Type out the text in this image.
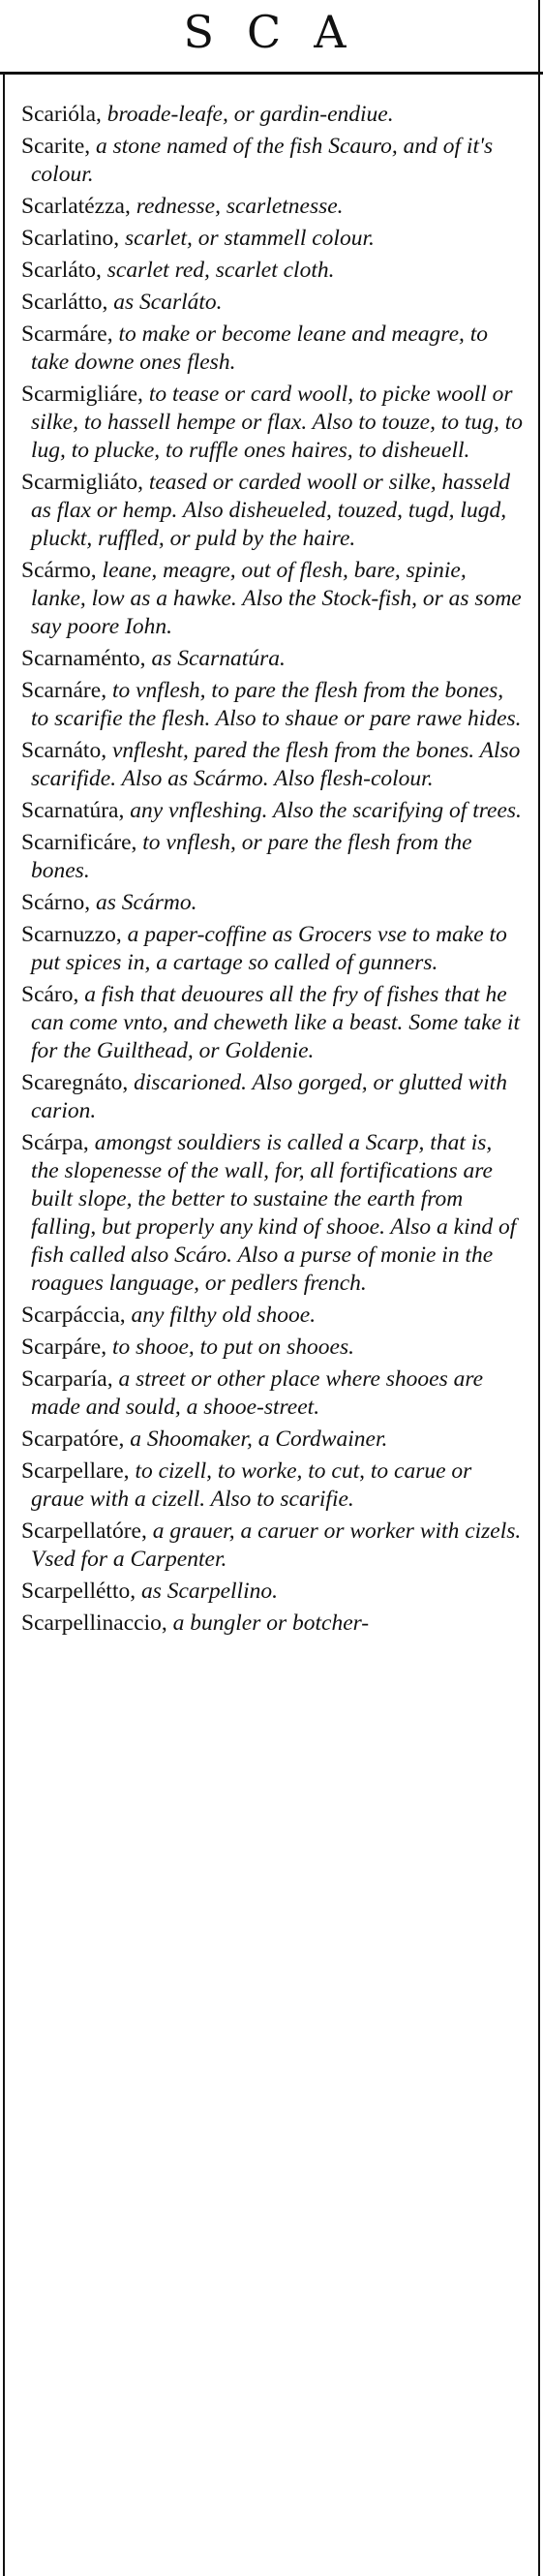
SCA

Scarióla, broade-leafe, or gardin-endiue.

Scarite, a stone named of the fish Scauro, and of it's colour.

Scarlatézza, rednesse, scarletnesse.

Scarlatino, scarlet, or stammell colour.

Scarláto, scarlet red, scarlet cloth.

Scarlátto, as Scarláto.

Scarmáre, to make or become leane and meagre, to take downe ones flesh.

Scarmigliáre, to tease or card wooll, to picke wooll or silke, to hassell hempe or flax. Also to touze, to tug, to lug, to plucke, to ruffle ones haires, to disheuell.

Scarmigliáto, teased or carded wooll or silke, hasseld as flax or hemp. Also disheueled, touzed, tugd, lugd, pluckt, ruffled, or puld by the haire.

Scármo, leane, meagre, out of flesh, bare, spinie, lanke, low as a hawke. Also the Stock-fish, or as some say poore Iohn.

Scarnaménto, as Scarnatúra.

Scarnáre, to vnflesh, to pare the flesh from the bones, to scarifie the flesh. Also to shaue or pare rawe hides.

Scarnáto, vnflesht, pared the flesh from the bones. Also scarifide. Also as Scármo. Also flesh-colour.

Scarnatúra, any vnfleshing. Also the scarifying of trees.

Scarnificáre, to vnflesh, or pare the flesh from the bones.

Scárno, as Scármo.

Scarnuzzo, a paper-coffine as Grocers vse to make to put spices in, a cartage so called of gunners.

Scáro, a fish that deuoures all the fry of fishes that he can come vnto, and cheweth like a beast. Some take it for the Guilthead, or Goldenie.

Scaregnáto, discarioned. Also gorged, or glutted with carion.

Scárpa, amongst souldiers is called a Scarp, that is, the slopenesse of the wall, for, all fortifications are built slope, the better to sustaine the earth from falling, but properly any kind of shooe. Also a kind of fish called also Scáro. Also a purse of monie in the roagues language, or pedlers french.

Scarpáccia, any filthy old shooe.

Scarpáre, to shooe, to put on shooes.

Scarparía, a street or other place where shooes are made and sould, a shooe-street.

Scarpatóre, a Shoomaker, a Cordwainer.

Scarpellare, to cizell, to worke, to cut, to carue or graue with a cizell. Also to scarifie.

Scarpellatóre, a grauer, a caruer or worker with cizels. Vsed for a Carpenter.

Scarpellétto, as Scarpellino.

Scarpellinaccio, a bungler or botcher-
